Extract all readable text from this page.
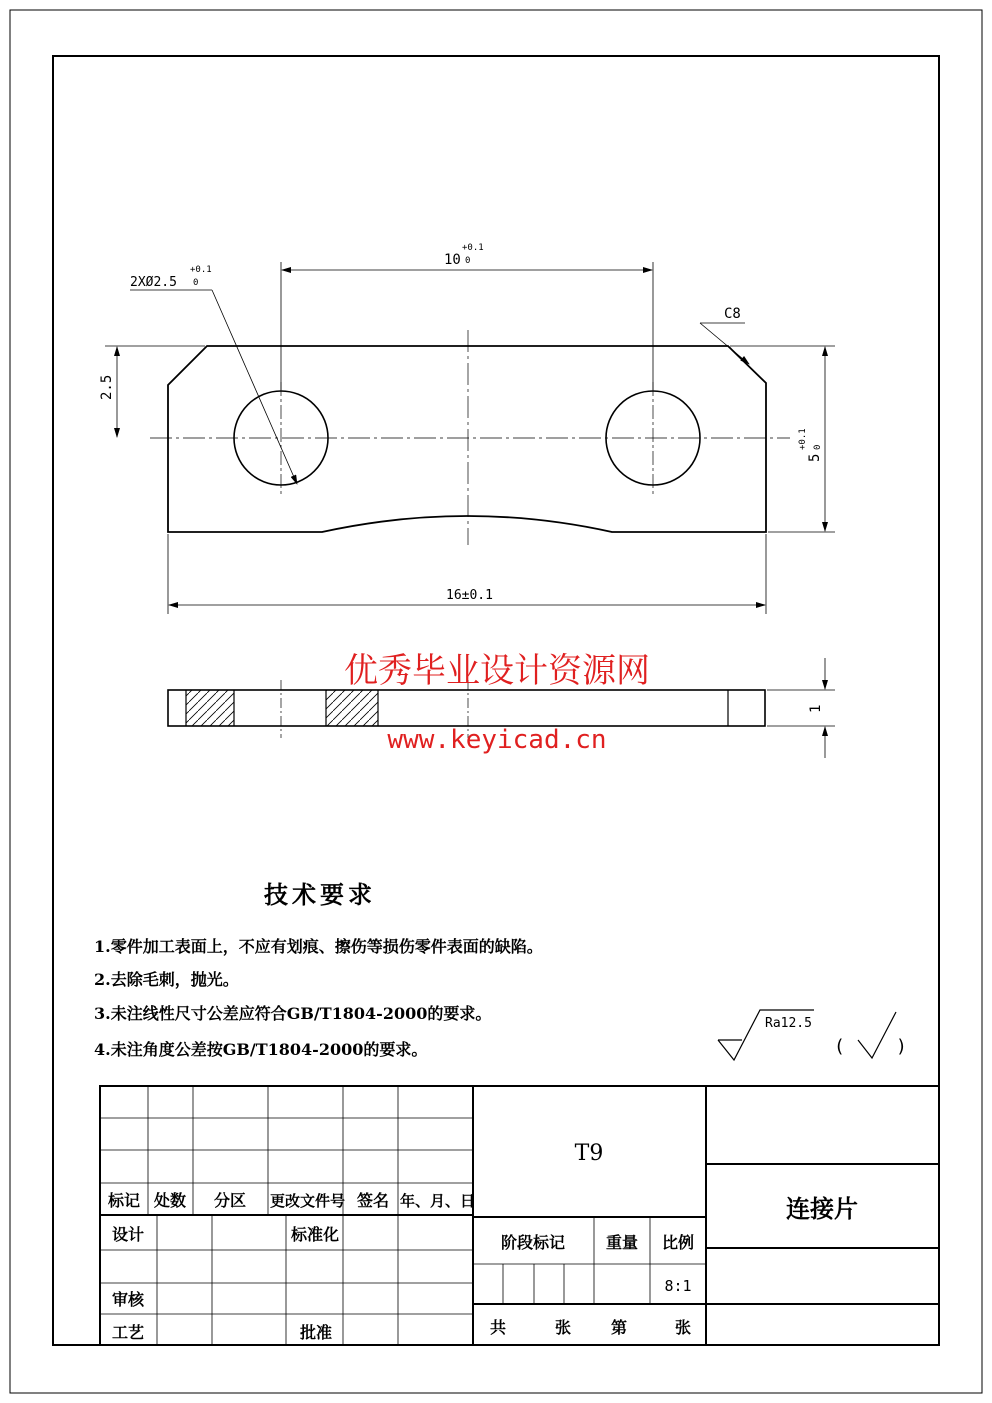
2XØ2.5
+0.1
0
10
+0.1
0
C8
2.5
5
+0.1 0
16±0.1
1
优秀毕业设计资源网
www.keyicad.cn
技术要求
1.零件加工表面上，不应有划痕、擦伤等损伤零件表面的缺陷。
2.去除毛刺，抛光。
3.未注线性尺寸公差应符合GB/T1804-2000的要求。
4.未注角度公差按GB/T1804-2000的要求。
Ra12.5
(	)
标记 处数 分区 更改文件号 签名 年、月、日
设计	标准化
审核
工艺	批准
T9
连接片
阶段标记	重量 比例
8:1
共	张 第	张
